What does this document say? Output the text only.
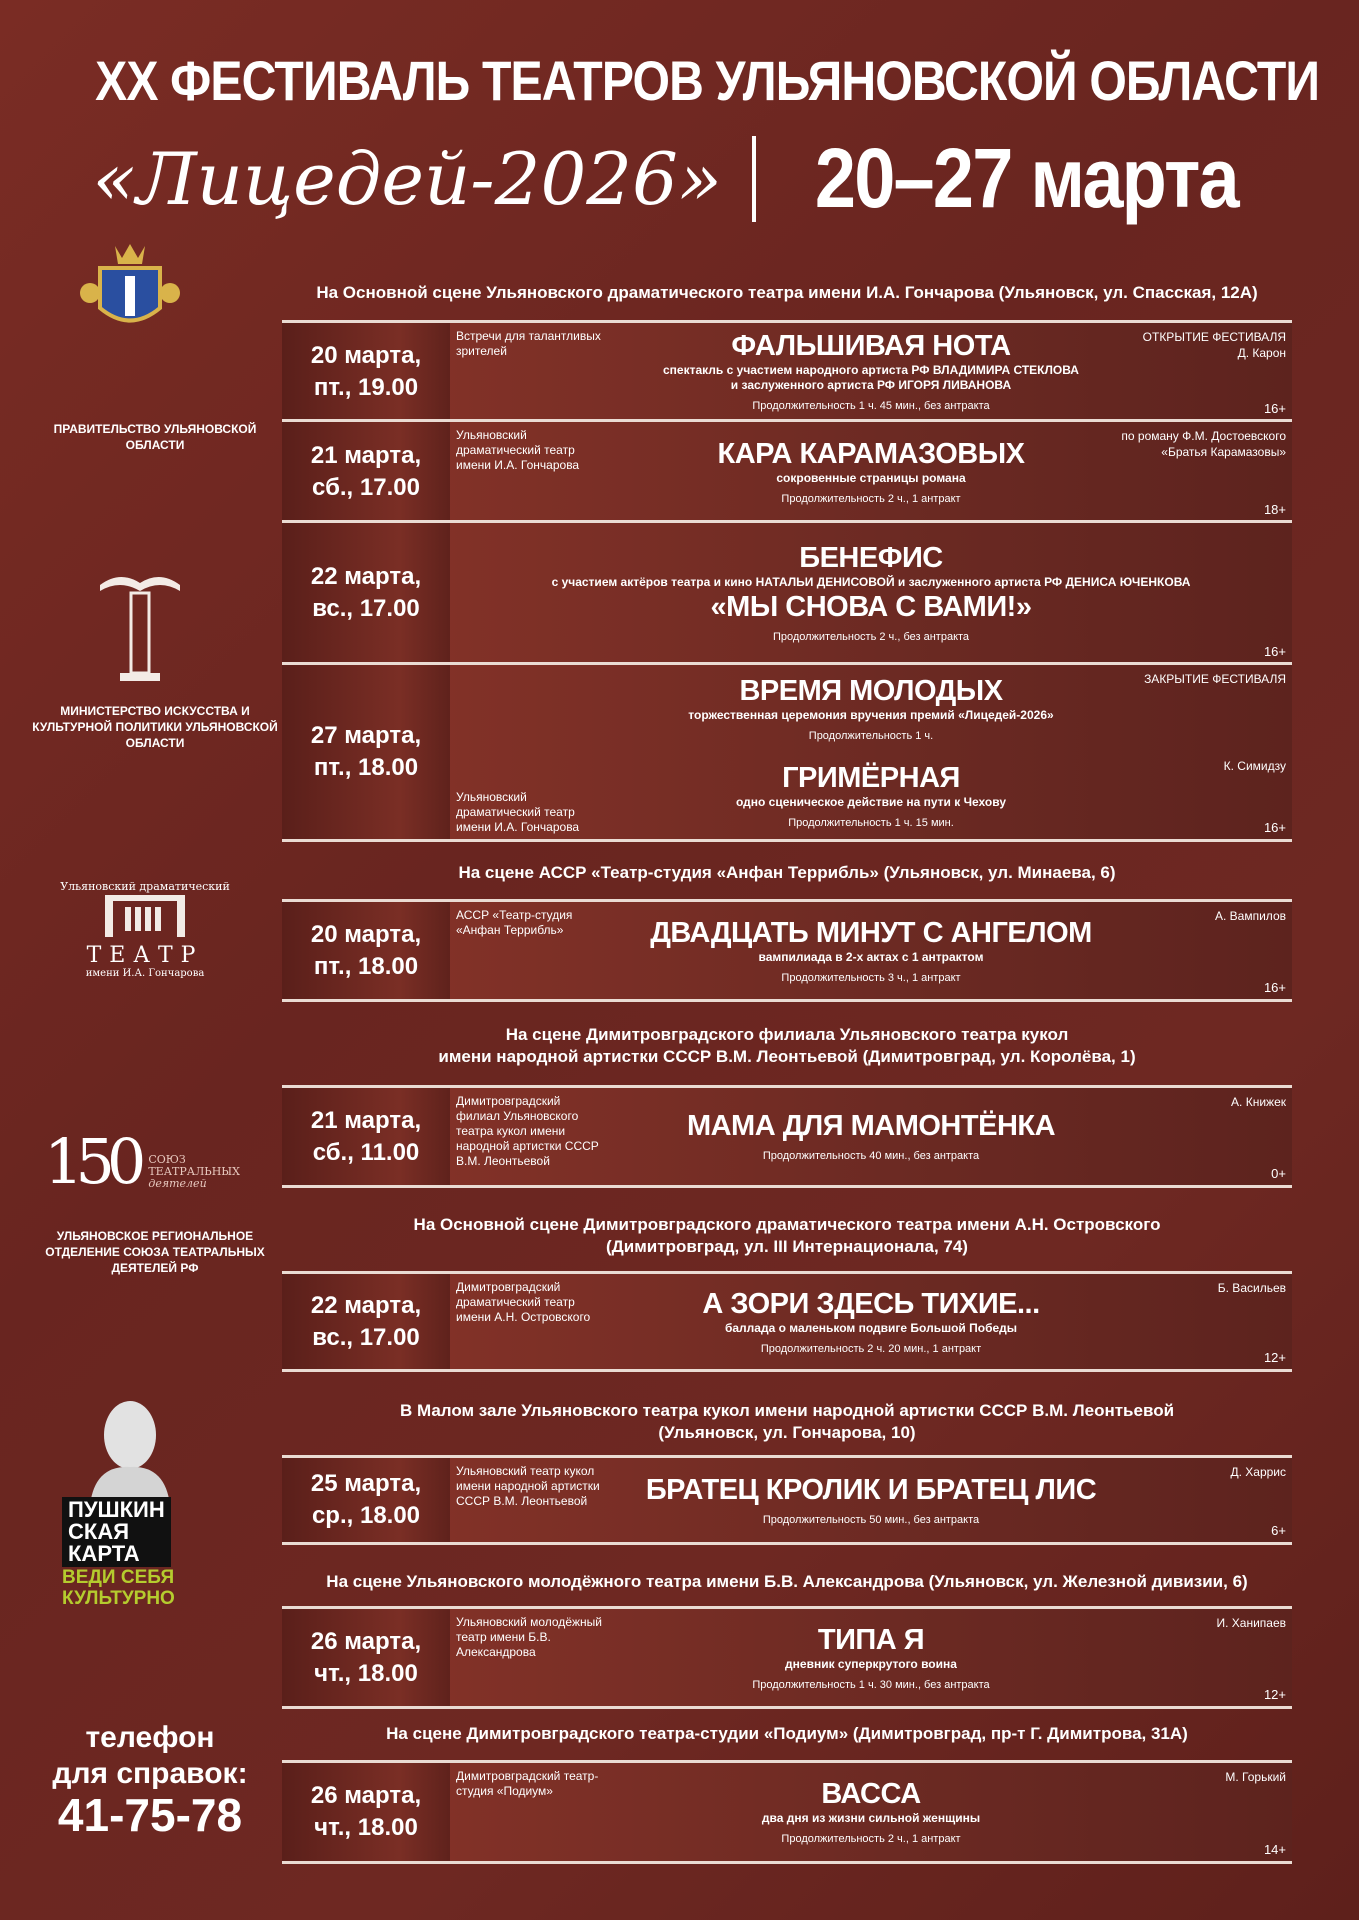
XX ФЕСТИВАЛЬ ТЕАТРОВ УЛЬЯНОВСКОЙ ОБЛАСТИ
«Лицедей-2026» 20–27 марта
ПРАВИТЕЛЬСТВО УЛЬЯНОВСКОЙ ОБЛАСТИ
МИНИСТЕРСТВО ИСКУССТВА И КУЛЬТУРНОЙ ПОЛИТИКИ УЛЬЯНОВСКОЙ ОБЛАСТИ
Ульяновский драматический
ТЕАТР
имени И.А. Гончарова
150 СОЮЗ
ТЕАТРАЛЬНЫХ
деятелей
УЛЬЯНОВСКОЕ РЕГИОНАЛЬНОЕ ОТДЕЛЕНИЕ СОЮЗА ТЕАТРАЛЬНЫХ ДЕЯТЕЛЕЙ РФ
ПУШКИН
СКАЯ
КАРТА
ВЕДИ СЕБЯ
КУЛЬТУРНО
телефон
для справок:
41-75-78
На Основной сцене Ульяновского драматического театра имени И.А. Гончарова (Ульяновск, ул. Спасская, 12А)
На сцене АССР «Театр-студия «Анфан Террибль» (Ульяновск, ул. Минаева, 6)
На сцене Димитровградского филиала Ульяновского театра кукол
имени народной артистки СССР В.М. Леонтьевой (Димитровград, ул. Королёва, 1)
На Основной сцене Димитровградского драматического театра имени А.Н. Островского
(Димитровград, ул. III Интернационала, 74)
В Малом зале Ульяновского театра кукол имени народной артистки СССР В.М. Леонтьевой
(Ульяновск, ул. Гончарова, 10)
На сцене Ульяновского молодёжного театра имени Б.В. Александрова (Ульяновск, ул. Железной дивизии, 6)
На сцене Димитровградского театра-студии «Подиум» (Димитровград, пр-т Г. Димитрова, 31А)
20 марта,
пт., 19.00
Встречи для талантливых зрителей
ОТКРЫТИЕ ФЕСТИВАЛЯ
Д. Карон
ФАЛЬШИВАЯ НОТА
спектакль с участием народного артиста РФ ВЛАДИМИРА СТЕКЛОВА
и заслуженного артиста РФ ИГОРЯ ЛИВАНОВА
Продолжительность 1 ч. 45 мин., без антракта	16+
21 марта,
сб., 17.00
Ульяновский драматический театр имени И.А. Гончарова
по роману Ф.М. Достоевского
«Братья Карамазовы»
КАРА КАРАМАЗОВЫХ
сокровенные страницы романа
Продолжительность 2 ч., 1 антракт
18+
22 марта,
вс., 17.00
БЕНЕФИС
с участием актёров театра и кино НАТАЛЬИ ДЕНИСОВОЙ и заслуженного артиста РФ ДЕНИСА ЮЧЕНКОВА
«МЫ СНОВА С ВАМИ!»
Продолжительность 2 ч., без антракта
16+
27 марта,
пт., 18.00
ЗАКРЫТИЕ ФЕСТИВАЛЯ
ВРЕМЯ МОЛОДЫХ
торжественная церемония вручения премий «Лицедей-2026»
Продолжительность 1 ч.
Ульяновский драматический театр имени И.А. Гончарова
К. Симидзу
ГРИМЁРНАЯ
одно сценическое действие на пути к Чехову
Продолжительность 1 ч. 15 мин.	16+
20 марта,
пт., 18.00
АССР «Театр-студия «Анфан Террибль»
А. Вампилов
ДВАДЦАТЬ МИНУТ С АНГЕЛОМ
вампилиада в 2-х актах с 1 антрактом
Продолжительность 3 ч., 1 антракт
16+
21 марта,
сб., 11.00
Димитровградский филиал Ульяновского театра кукол имени народной артистки СССР В.М. Леонтьевой
А. Книжек
МАМА ДЛЯ МАМОНТЁНКА
Продолжительность 40 мин., без антракта
0+
22 марта,
вс., 17.00
Димитровградский драматический театр имени А.Н. Островского
Б. Васильев
А ЗОРИ ЗДЕСЬ ТИХИЕ...
баллада о маленьком подвиге Большой Победы
Продолжительность 2 ч. 20 мин., 1 антракт
12+
25 марта,
ср., 18.00
Ульяновский театр кукол имени народной артистки СССР В.М. Леонтьевой
Д. Харрис
БРАТЕЦ КРОЛИК И БРАТЕЦ ЛИС
Продолжительность 50 мин., без антракта
6+
26 марта,
чт., 18.00
Ульяновский молодёжный театр имени Б.В. Александрова
И. Ханипаев
ТИПА Я
дневник суперкрутого воина
Продолжительность 1 ч. 30 мин., без антракта
12+
26 марта,
чт., 18.00
Димитровградский театр-студия «Подиум»
М. Горький
ВАССА
два дня из жизни сильной женщины
Продолжительность 2 ч., 1 антракт
14+
